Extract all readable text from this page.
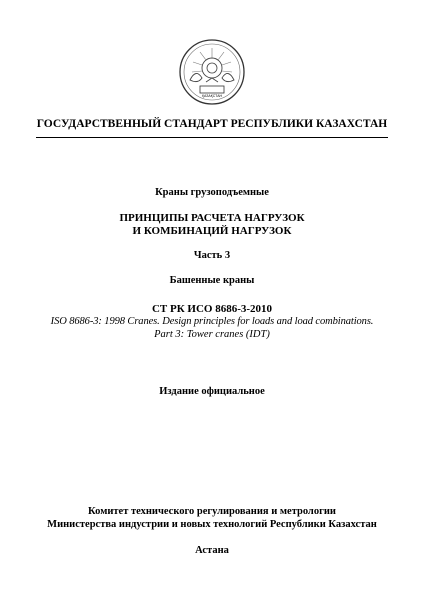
ҚАЗАҚСТАН
ГОСУДАРСТВЕННЫЙ СТАНДАРТ РЕСПУБЛИКИ КАЗАХСТАН
Краны грузоподъемные
ПРИНЦИПЫ РАСЧЕТА НАГРУЗОК
И КОМБИНАЦИЙ НАГРУЗОК
Часть 3
Башенные краны
СТ РК ИСО 8686-3-2010
ISO 8686-3: 1998 Cranes. Design principles for loads and load combinations.
Part 3: Tower cranes (IDT)
Издание официальное
Комитет технического регулирования и метрологии
Министерства индустрии и новых технологий Республики Казахстан
Астана
